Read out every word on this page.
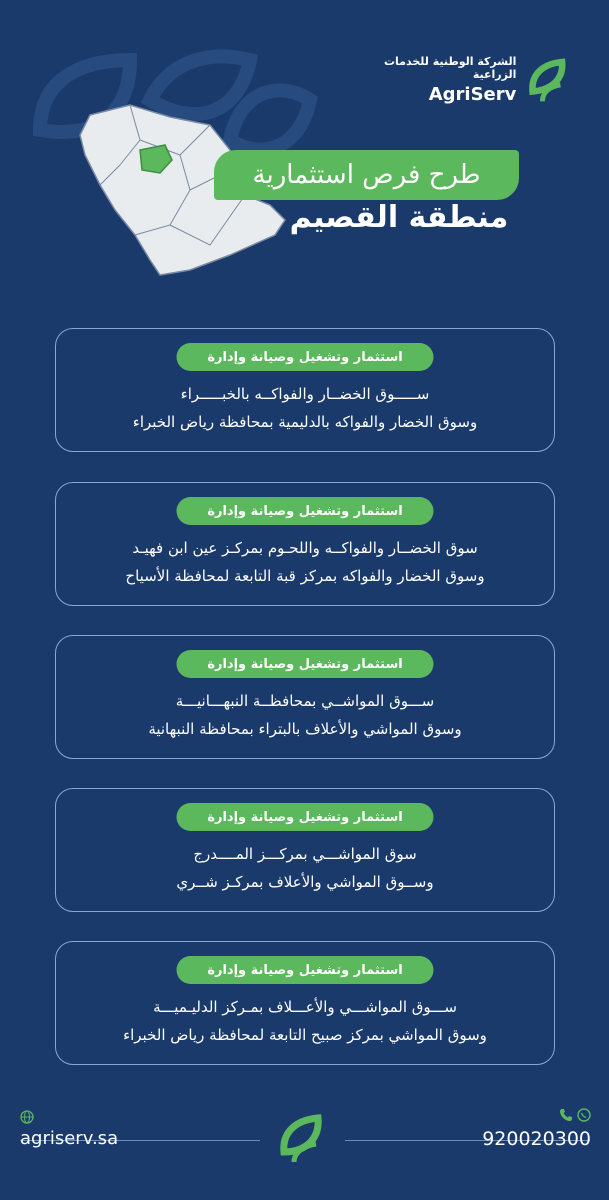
الشركة الوطنية للخدمات الزراعية
AgriServ
طرح فرص استثمارية
منطقة القصيم
استثمار وتشغيل وصيانة وإدارة
ســـــوق الخضــار والفواكــه بالخبـــــراء
وسوق الخضار والفواكه بالدليمية بمحافظة رياض الخبراء
استثمار وتشغيل وصيانة وإدارة
سوق الخضــار والفواكــه واللحـوم بمركـز عين ابن فهيـد
وسوق الخضار والفواكه بمركز قبة التابعة لمحافظة الأسياح
استثمار وتشغيل وصيانة وإدارة
ســـوق المواشــي بمحافظــة النبهـــانيـــة
وسوق المواشي والأعلاف بالبتراء بمحافظة النبهانية
استثمار وتشغيل وصيانة وإدارة
سوق المواشـــي بمركـــز المــــدرج
وســوق المواشي والأعلاف بمركـز شــري
استثمار وتشغيل وصيانة وإدارة
ســـوق المواشـــي والأعـــلاف بمـركز الدليـميـــة
وسوق المواشي بمركز صبيح التابعة لمحافظة رياض الخبراء
agriserv.sa	920020300
